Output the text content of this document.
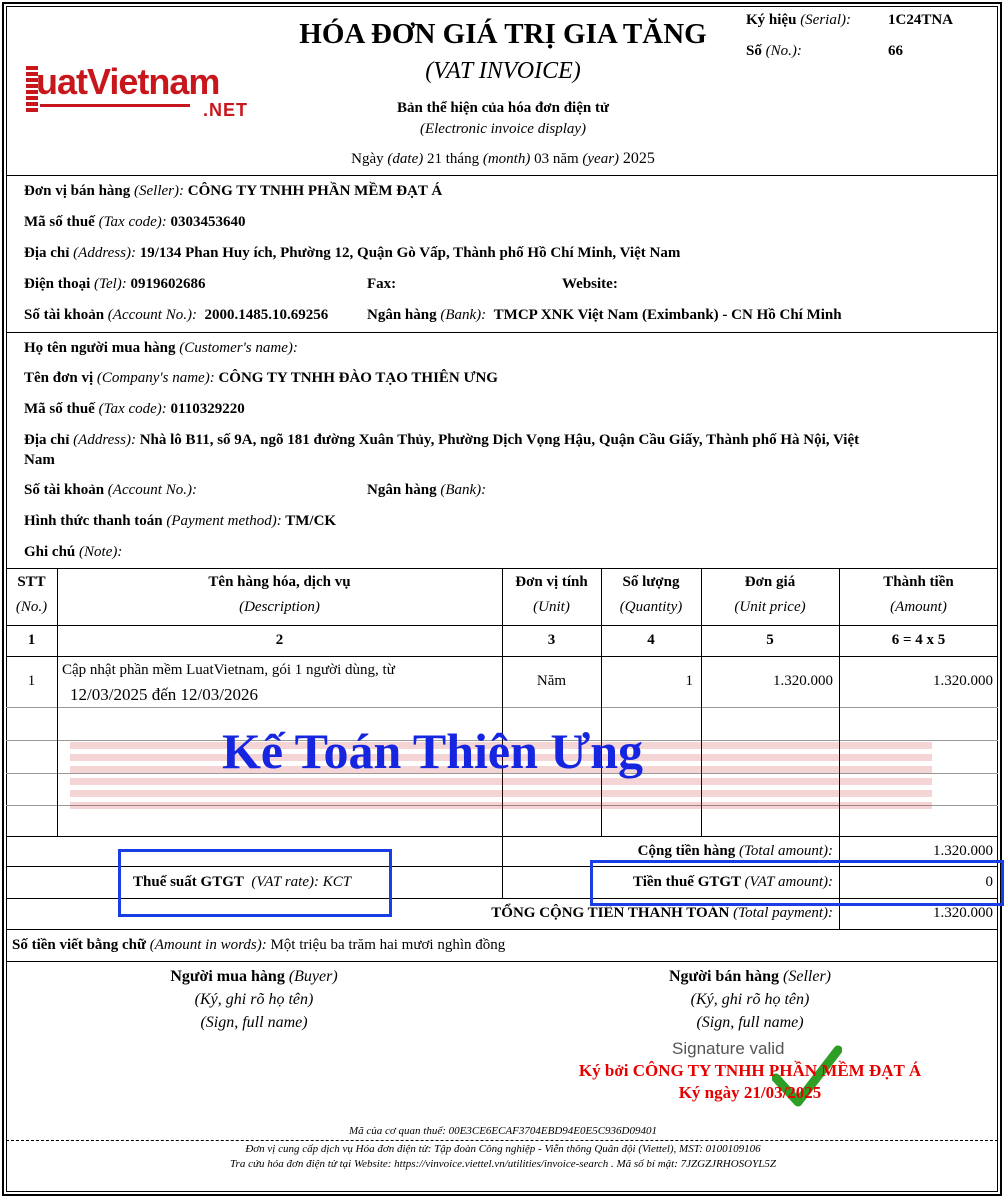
uatVietnam
.NET
HÓA ĐƠN GIÁ TRỊ GIA TĂNG
(VAT INVOICE)
Bản thể hiện của hóa đơn điện tử
(Electronic invoice display)
Ngày (date) 21 tháng (month) 03 năm (year) 2025
Ký hiệu (Serial): 1C24TNA
Số (No.):	66
Đơn vị bán hàng (Seller): CÔNG TY TNHH PHẦN MỀM ĐẠT Á
Mã số thuế (Tax code): 0303453640
Địa chỉ (Address): 19/134 Phan Huy ích, Phường 12, Quận Gò Vấp, Thành phố Hồ Chí Minh, Việt Nam
Điện thoại (Tel): 0919602686	Fax:	Website:
Số tài khoản (Account No.): 2000.1485.10.69256	Ngân hàng (Bank): TMCP XNK Việt Nam (Eximbank) - CN Hồ Chí Minh
Họ tên người mua hàng (Customer's name):
Tên đơn vị (Company's name): CÔNG TY TNHH ĐÀO TẠO THIÊN ƯNG
Mã số thuế (Tax code): 0110329220
Địa chỉ (Address): Nhà lô B11, số 9A, ngõ 181 đường Xuân Thủy, Phường Dịch Vọng Hậu, Quận Cầu Giấy, Thành phố Hà Nội, Việt
Nam
Số tài khoản (Account No.):	Ngân hàng (Bank):
Hình thức thanh toán (Payment method): TM/CK
Ghi chú (Note):
STT
(No.)
Tên hàng hóa, dịch vụ
(Description)
Đơn vị tính
(Unit)
Số lượng
(Quantity)
Đơn giá
(Unit price)
Thành tiền
(Amount)
1	2	3	4	5	6 = 4 x 5
1
Cập nhật phần mềm LuatVietnam, gói 1 người dùng, từ
12/03/2025 đến 12/03/2026
Năm	1	1.320.000	1.320.000
Kế Toán Thiên Ưng
Cộng tiền hàng (Total amount):	1.320.000
Thuế suất GTGT (VAT rate): KCT	Tiền thuế GTGT (VAT amount):	0
TỔNG CỘNG TIỀN THANH TOÁN (Total payment):	1.320.000
Số tiền viết bằng chữ (Amount in words): Một triệu ba trăm hai mươi nghìn đồng
Người mua hàng (Buyer)
(Ký, ghi rõ họ tên)
(Sign, full name)
Người bán hàng (Seller)
(Ký, ghi rõ họ tên)
(Sign, full name)
Signature valid
Ký bởi CÔNG TY TNHH PHẦN MỀM ĐẠT Á
Ký ngày 21/03/2025
Mã của cơ quan thuế: 00E3CE6ECAF3704EBD94E0E5C936D09401
Đơn vị cung cấp dịch vụ Hóa đơn điện tử: Tập đoàn Công nghiệp - Viễn thông Quân đội (Viettel), MST: 0100109106
Tra cứu hóa đơn điện tử tại Website: https://vinvoice.viettel.vn/utilities/invoice-search . Mã số bí mật: 7JZGZJRHOSOYL5Z
